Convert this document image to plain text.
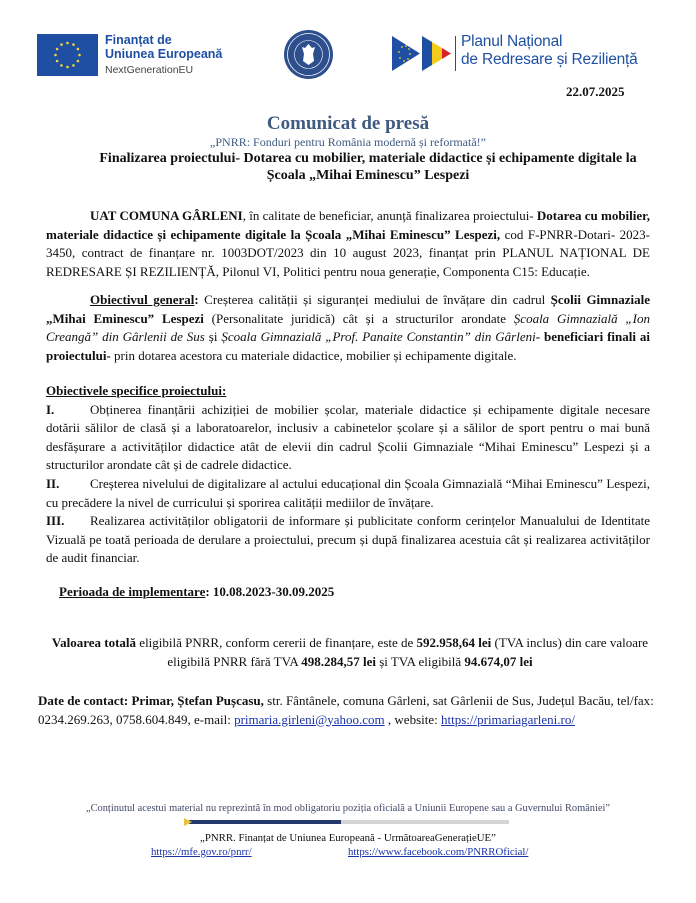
Finanțat de
Uniunea Europeană
NextGenerationEU
Planul Național
de Redresare și Reziliență
22.07.2025
Comunicat de presă
„PNRR: Fonduri pentru România modernă și reformată!”
Finalizarea proiectului- Dotarea cu mobilier, materiale didactice și echipamente digitale la
Școala „Mihai Eminescu” Lespezi
UAT COMUNA GÂRLENI, în calitate de beneficiar, anunță finalizarea proiectului- Dotarea cu mobilier, materiale didactice și echipamente digitale la Școala „Mihai Eminescu” Lespezi, cod F-PNRR-Dotari- 2023-3450, contract de finanțare nr. 1003DOT/2023 din 10 august 2023, finanțat prin PLANUL NAȚIONAL DE REDRESARE ȘI REZILIENȚĂ, Pilonul VI, Politici pentru noua generație, Componenta C15: Educație.
Obiectivul general: Creșterea calității și siguranței mediului de învățare din cadrul Școlii Gimnaziale „Mihai Eminescu” Lespezi (Personalitate juridică) cât și a structurilor arondate Școala Gimnazială „Ion Creangă” din Gârlenii de Sus și Școala Gimnazială „Prof. Panaite Constantin” din Gârleni- beneficiari finali ai proiectului- prin dotarea acestora cu materiale didactice, mobilier și echipamente digitale.
Obiectivele specifice proiectului:
I.	Obținerea finanțării achiziției de mobilier școlar, materiale didactice și echipamente digitale necesare dotării sălilor de clasă și a laboratoarelor, inclusiv a cabinetelor școlare și a sălilor de sport pentru o mai bună desfășurare a activităților didactice atât de elevii din cadrul Școlii Gimnaziale “Mihai Eminescu” Lespezi și a structurilor arondate cât și de cadrele didactice.
II. Creșterea nivelului de digitalizare al actului educațional din Școala Gimnazială “Mihai Eminescu” Lespezi, cu precădere la nivel de curricului și sporirea calității mediilor de învățare.
III. Realizarea activităților obligatorii de informare și publicitate conform cerințelor Manualului de Identitate Vizuală pe toată perioada de derulare a proiectului, precum și după finalizarea acestuia cât și realizarea activităților de audit financiar.
Perioada de implementare: 10.08.2023-30.09.2025
Valoarea totală eligibilă PNRR, conform cererii de finanțare, este de 592.958,64 lei (TVA inclus) din care valoare eligibilă PNRR fără TVA 498.284,57 lei și TVA eligibilă 94.674,07 lei
Date de contact: Primar, Ștefan Pușcasu, str. Fântânele, comuna Gârleni, sat Gârlenii de Sus, Județul Bacău, tel/fax: 0234.269.263, 0758.604.849, e-mail: primaria.girleni@yahoo.com , website: https://primariagarleni.ro/
„Conținutul acestui material nu reprezintă în mod obligatoriu poziția oficială a Uniunii Europene sau a Guvernului României”
„PNRR. Finanțat de Uniunea Europeană - UrmătoareaGenerațieUE”
https://mfe.gov.ro/pnrr/	https://www.facebook.com/PNRROficial/
